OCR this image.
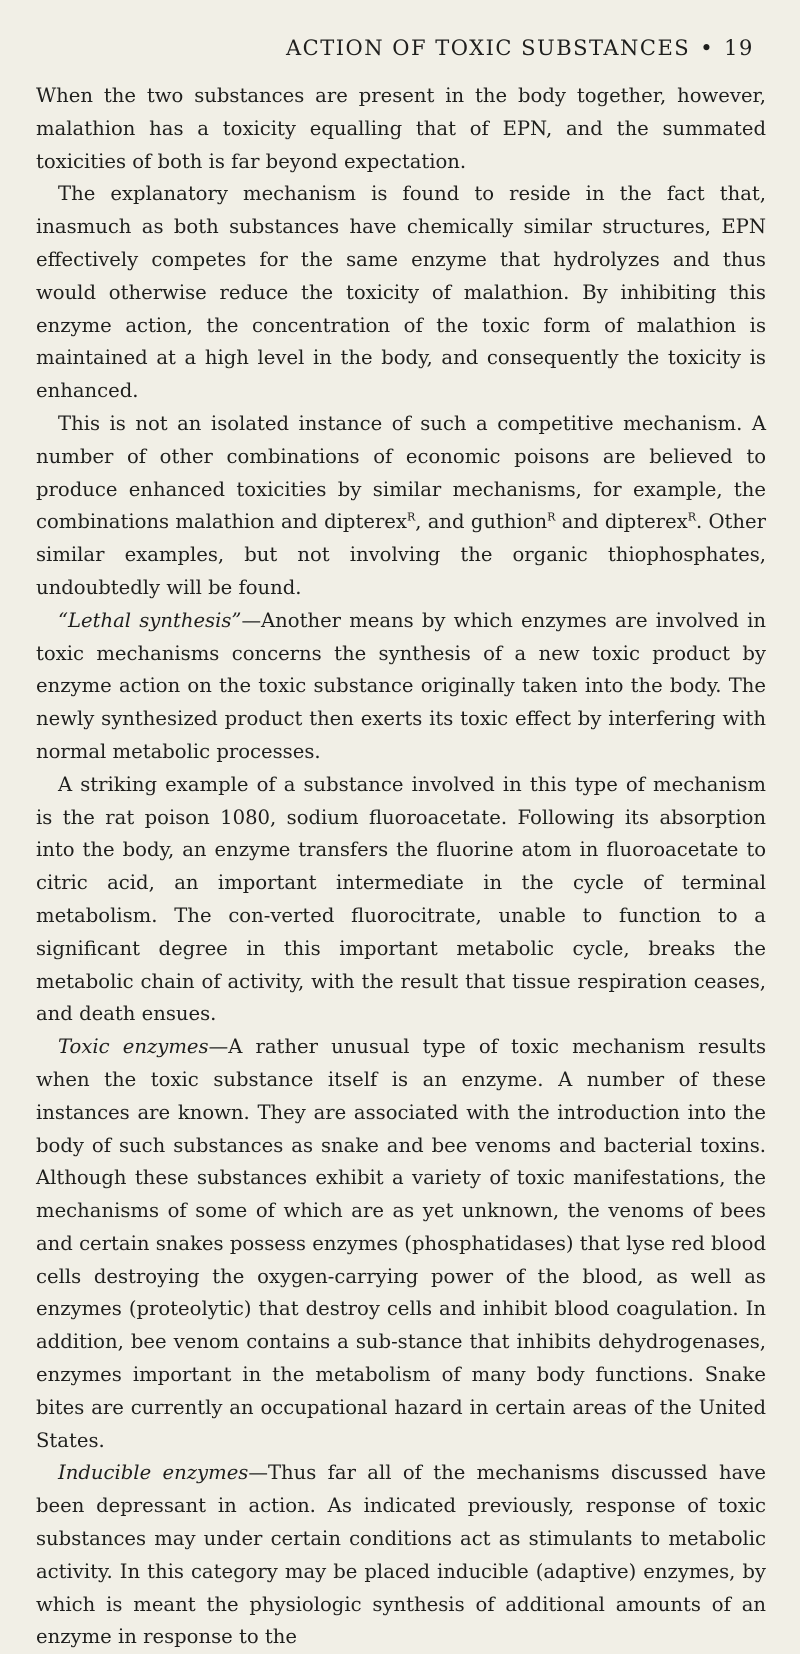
ACTION OF TOXIC SUBSTANCES • 19

When the two substances are present in the body together, however, malathion has a toxicity equalling that of EPN, and the summated toxicities of both is far beyond expectation.

The explanatory mechanism is found to reside in the fact that, inasmuch as both substances have chemically similar structures, EPN effectively competes for the same enzyme that hydrolyzes and thus would otherwise reduce the toxicity of malathion. By inhibiting this enzyme action, the concentration of the toxic form of malathion is maintained at a high level in the body, and consequently the toxicity is enhanced.

This is not an isolated instance of such a competitive mechanism. A number of other combinations of economic poisons are believed to produce enhanced toxicities by similar mechanisms, for example, the combinations malathion and dipterex$^R$, and guthion$^R$ and dipterex$^R$. Other similar examples, but not involving the organic thiophosphates, undoubtedly will be found.

“Lethal synthesis”—Another means by which enzymes are involved in toxic mechanisms concerns the synthesis of a new toxic product by enzyme action on the toxic substance originally taken into the body. The newly synthesized product then exerts its toxic effect by interfering with normal metabolic processes.

A striking example of a substance involved in this type of mechanism is the rat poison 1080, sodium fluoroacetate. Following its absorption into the body, an enzyme transfers the fluorine atom in fluoroacetate to citric acid, an important intermediate in the cycle of terminal metabolism. The con-verted fluorocitrate, unable to function to a significant degree in this important metabolic cycle, breaks the metabolic chain of activity, with the result that tissue respiration ceases, and death ensues.

Toxic enzymes—A rather unusual type of toxic mechanism results when the toxic substance itself is an enzyme. A number of these instances are known. They are associated with the introduction into the body of such substances as snake and bee venoms and bacterial toxins. Although these substances exhibit a variety of toxic manifestations, the mechanisms of some of which are as yet unknown, the venoms of bees and certain snakes possess enzymes (phosphatidases) that lyse red blood cells destroying the oxygen-carrying power of the blood, as well as enzymes (proteolytic) that destroy cells and inhibit blood coagulation. In addition, bee venom contains a sub-stance that inhibits dehydrogenases, enzymes important in the metabolism of many body functions. Snake bites are currently an occupational hazard in certain areas of the United States.

Inducible enzymes—Thus far all of the mechanisms discussed have been depressant in action. As indicated previously, response of toxic substances may under certain conditions act as stimulants to metabolic activity. In this category may be placed inducible (adaptive) enzymes, by which is meant the physiologic synthesis of additional amounts of an enzyme in response to the
